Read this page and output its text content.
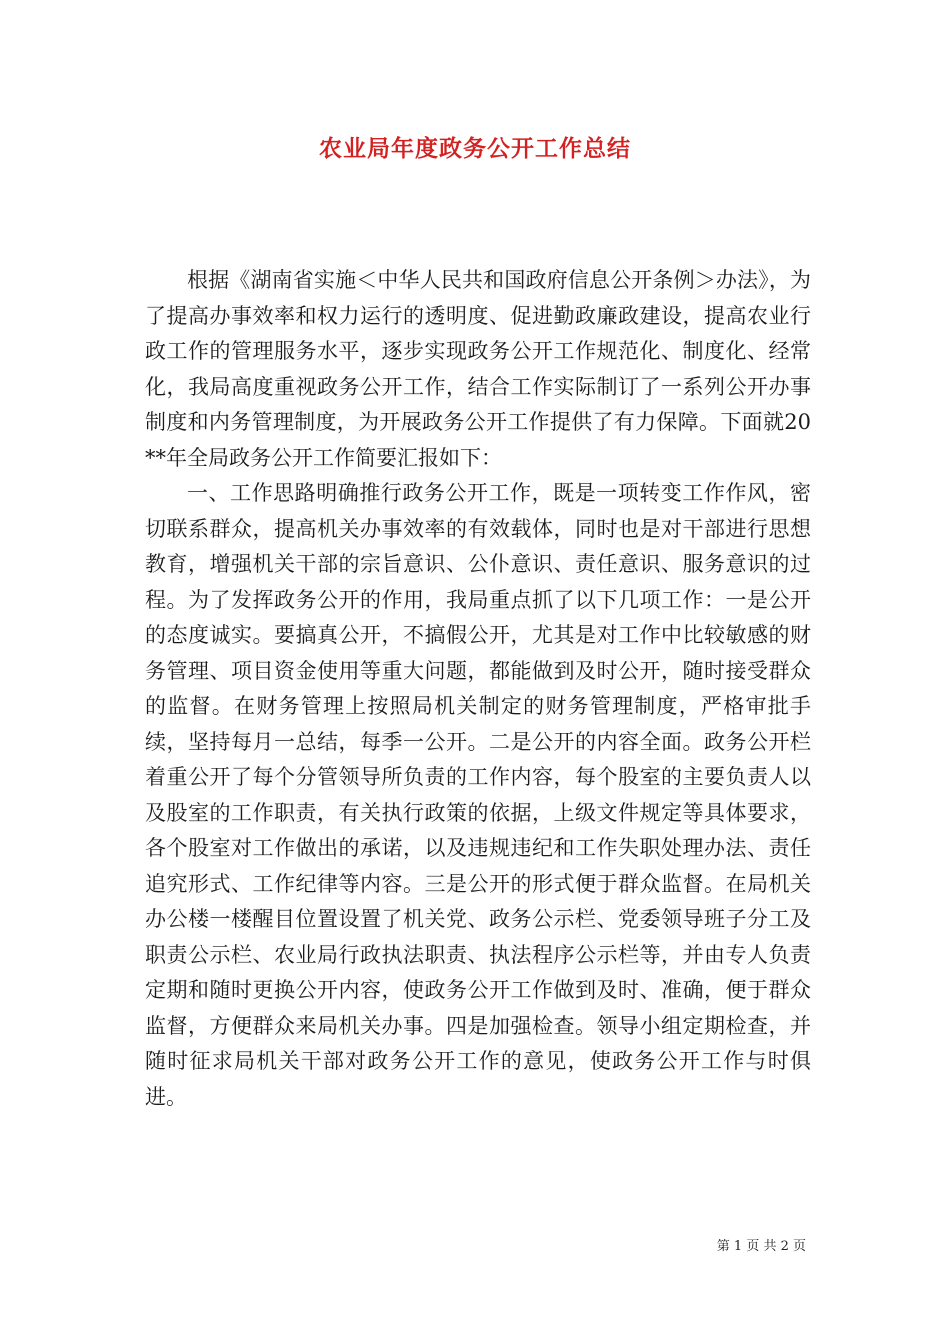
农业局年度政务公开工作总结

根据《湖南省实施＜中华人民共和国政府信息公开条例＞办法》，为了提高办事效率和权力运行的透明度、促进勤政廉政建设，提高农业行政工作的管理服务水平，逐步实现政务公开工作规范化、制度化、经常化，我局高度重视政务公开工作，结合工作实际制订了一系列公开办事制度和内务管理制度，为开展政务公开工作提供了有力保障。下面就20**年全局政务公开工作简要汇报如下：

一、工作思路明确推行政务公开工作，既是一项转变工作作风，密切联系群众，提高机关办事效率的有效载体，同时也是对干部进行思想教育，增强机关干部的宗旨意识、公仆意识、责任意识、服务意识的过程。为了发挥政务公开的作用，我局重点抓了以下几项工作：一是公开的态度诚实。要搞真公开，不搞假公开，尤其是对工作中比较敏感的财务管理、项目资金使用等重大问题，都能做到及时公开，随时接受群众的监督。在财务管理上按照局机关制定的财务管理制度，严格审批手续，坚持每月一总结，每季一公开。二是公开的内容全面。政务公开栏着重公开了每个分管领导所负责的工作内容，每个股室的主要负责人以及股室的工作职责，有关执行政策的依据，上级文件规定等具体要求，各个股室对工作做出的承诺，以及违规违纪和工作失职处理办法、责任追究形式、工作纪律等内容。三是公开的形式便于群众监督。在局机关办公楼一楼醒目位置设置了机关党、政务公示栏、党委领导班子分工及职责公示栏、农业局行政执法职责、执法程序公示栏等，并由专人负责定期和随时更换公开内容，使政务公开工作做到及时、准确，便于群众监督，方便群众来局机关办事。四是加强检查。领导小组定期检查，并随时征求局机关干部对政务公开工作的意见，使政务公开工作与时俱进。

第 1 页 共 2 页
